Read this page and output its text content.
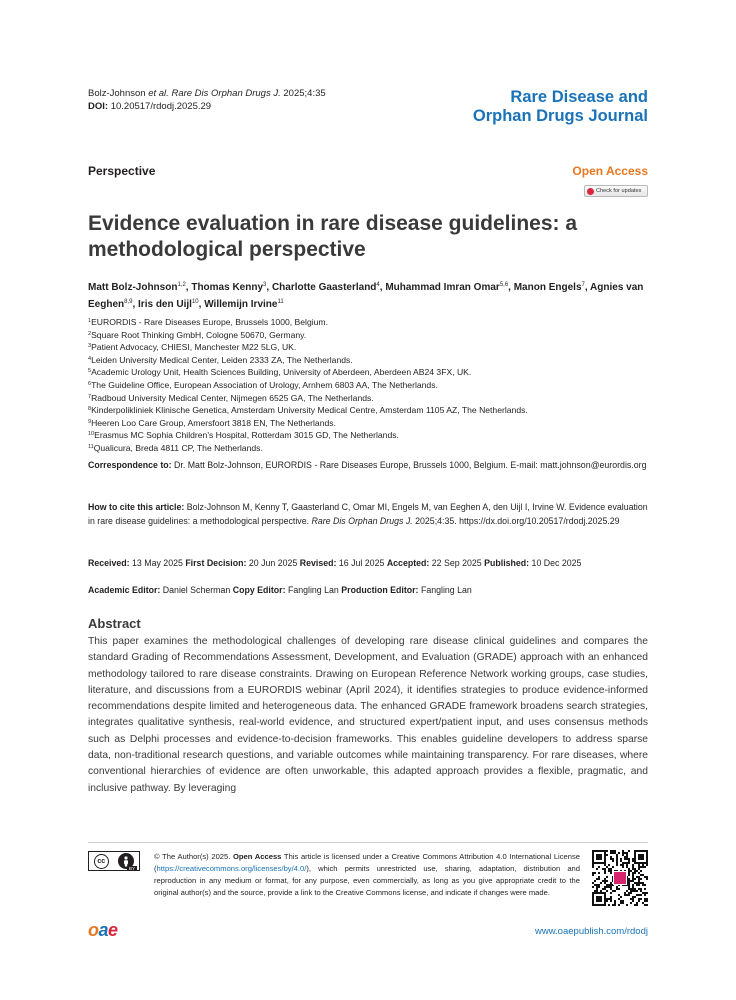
Bolz-Johnson et al. Rare Dis Orphan Drugs J. 2025;4:35
DOI: 10.20517/rdodj.2025.29	Rare Disease and
Orphan Drugs Journal
Perspective	Open Access
Check for updates
Evidence evaluation in rare disease guidelines: a methodological perspective
Matt Bolz-Johnson$^{1,2}$, Thomas Kenny$^3$, Charlotte Gaasterland$^4$, Muhammad Imran Omar$^{5,6}$, Manon Engels$^7$, Agnies van Eeghen$^{8,9}$, Iris den Uijl$^{10}$, Willemijn Irvine$^{11}$
$^1$EURORDIS - Rare Diseases Europe, Brussels 1000, Belgium.
$^2$Square Root Thinking GmbH, Cologne 50670, Germany.
$^3$Patient Advocacy, CHIESI, Manchester M22 5LG, UK.
$^4$Leiden University Medical Center, Leiden 2333 ZA, The Netherlands.
$^5$Academic Urology Unit, Health Sciences Building, University of Aberdeen, Aberdeen AB24 3FX, UK.
$^6$The Guideline Office, European Association of Urology, Arnhem 6803 AA, The Netherlands.
$^7$Radboud University Medical Center, Nijmegen 6525 GA, The Netherlands.
$^8$Kinderpolikliniek Klinische Genetica, Amsterdam University Medical Centre, Amsterdam 1105 AZ, The Netherlands.
$^9$Heeren Loo Care Group, Amersfoort 3818 EN, The Netherlands.
$^{10}$Erasmus MC Sophia Children's Hospital, Rotterdam 3015 GD, The Netherlands.
$^{11}$Qualicura, Breda 4811 CP, The Netherlands.
Correspondence to: Dr. Matt Bolz-Johnson, EURORDIS - Rare Diseases Europe, Brussels 1000, Belgium. E-mail: matt.johnson@eurordis.org
How to cite this article: Bolz-Johnson M, Kenny T, Gaasterland C, Omar MI, Engels M, van Eeghen A, den Uijl I, Irvine W. Evidence evaluation in rare disease guidelines: a methodological perspective. Rare Dis Orphan Drugs J. 2025;4:35. https://dx.doi.org/10.20517/rdodj.2025.29
Received: 13 May 2025 First Decision: 20 Jun 2025 Revised: 16 Jul 2025 Accepted: 22 Sep 2025 Published: 10 Dec 2025
Academic Editor: Daniel Scherman Copy Editor: Fangling Lan Production Editor: Fangling Lan
Abstract
This paper examines the methodological challenges of developing rare disease clinical guidelines and compares the standard Grading of Recommendations Assessment, Development, and Evaluation (GRADE) approach with an enhanced methodology tailored to rare disease constraints. Drawing on European Reference Network working groups, case studies, literature, and discussions from a EURORDIS webinar (April 2024), it identifies strategies to produce evidence-informed recommendations despite limited and heterogeneous data. The enhanced GRADE framework broadens search strategies, integrates qualitative synthesis, real-world evidence, and structured expert/patient input, and uses consensus methods such as Delphi processes and evidence-to-decision frameworks. This enables guideline developers to address sparse data, non-traditional research questions, and variable outcomes while maintaining transparency. For rare diseases, where conventional hierarchies of evidence are often unworkable, this adapted approach provides a flexible, pragmatic, and inclusive pathway. By leveraging
cc
BY
© The Author(s) 2025. Open Access This article is licensed under a Creative Commons Attribution 4.0 International License (https://creativecommons.org/licenses/by/4.0/), which permits unrestricted use, sharing, adaptation, distribution and reproduction in any medium or format, for any purpose, even commercially, as long as you give appropriate credit to the original author(s) and the source, provide a link to the Creative Commons license, and indicate if changes were made.
oae	www.oaepublish.com/rdodj
